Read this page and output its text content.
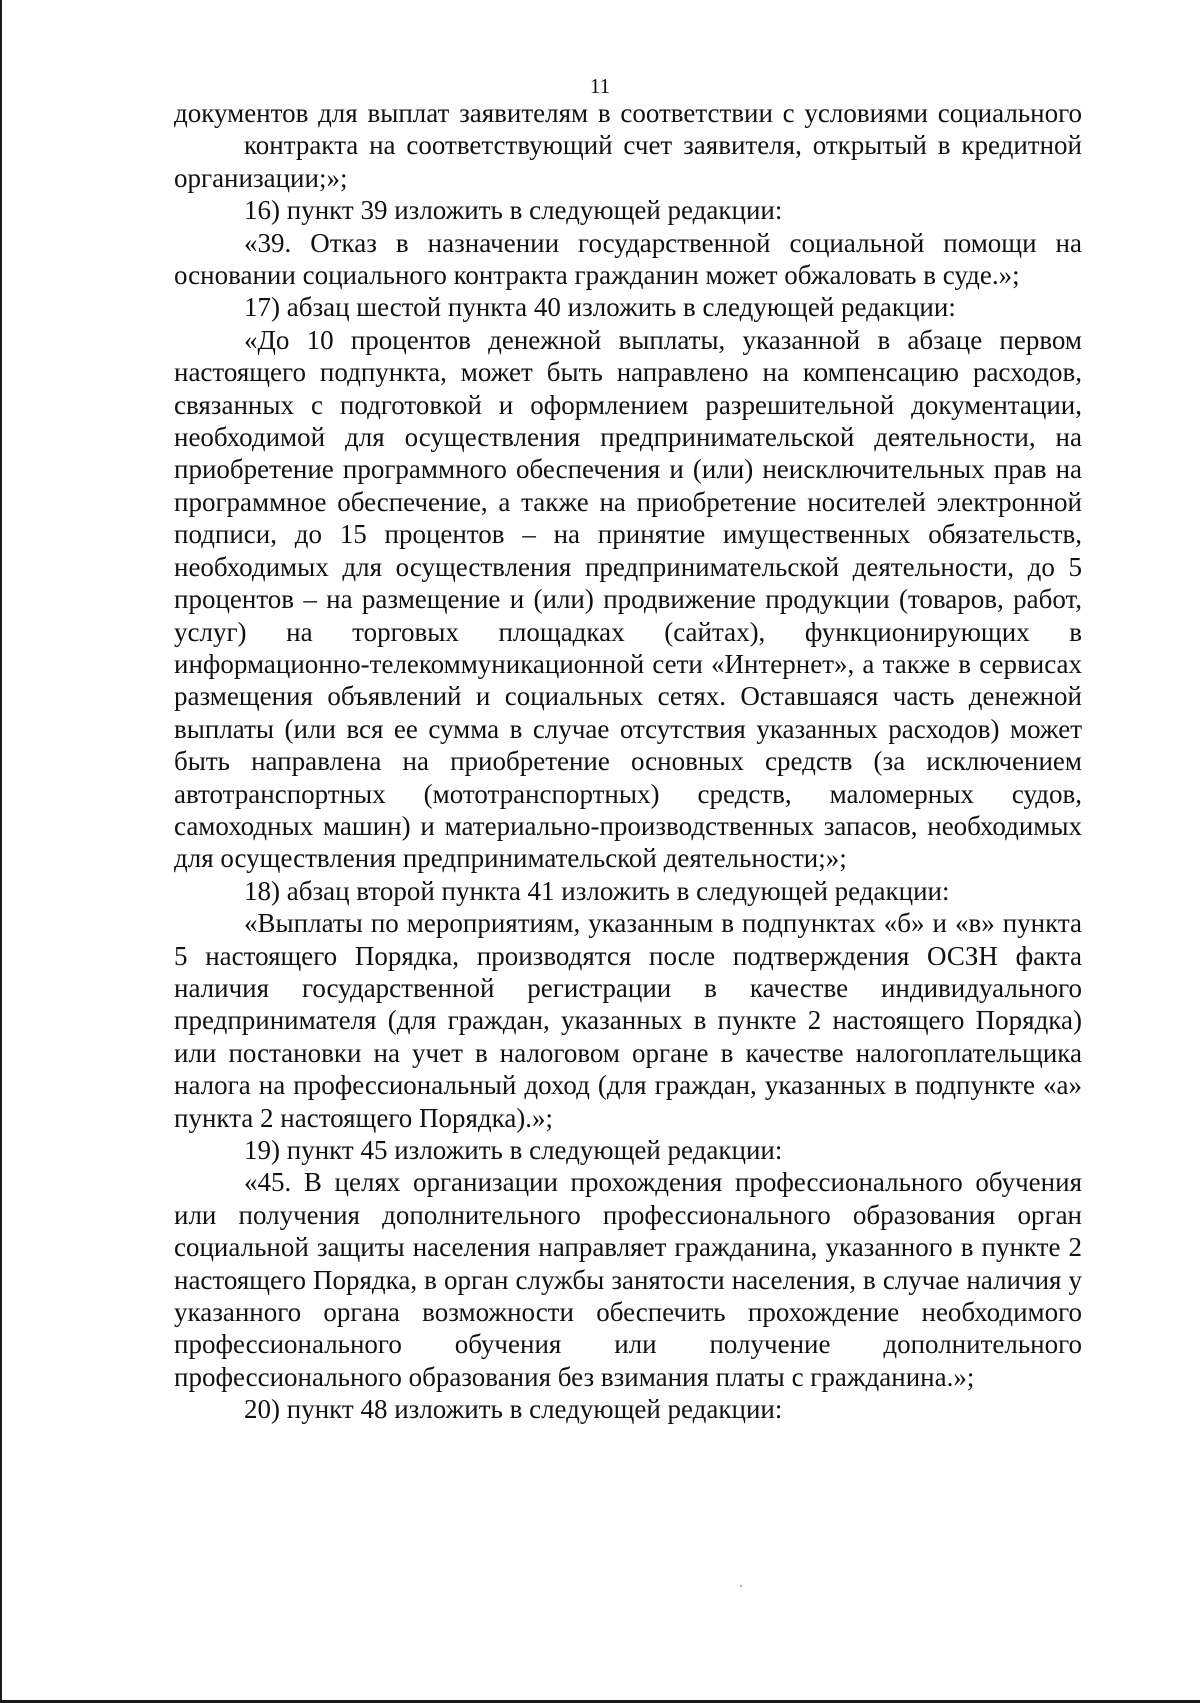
11

документов для выплат заявителям в соответствии с условиями социального

контракта на соответствующий счет заявителя, открытый в кредитной организации;»;

16) пункт 39 изложить в следующей редакции:

«39. Отказ в назначении государственной социальной помощи на основании социального контракта гражданин может обжаловать в суде.»;

17) абзац шестой пункта 40 изложить в следующей редакции:

«До 10 процентов денежной выплаты, указанной в абзаце первом настоящего подпункта, может быть направлено на компенсацию расходов, связанных с подготовкой и оформлением разрешительной документации, необходимой для осуществления предпринимательской деятельности, на приобретение программного обеспечения и (или) неисключительных прав на программное обеспечение, а также на приобретение носителей электронной подписи, до 15 процентов – на принятие имущественных обязательств, необходимых для осуществления предпринимательской деятельности, до 5 процентов – на размещение и (или) продвижение продукции (товаров, работ, услуг) на торговых площадках (сайтах), функционирующих в информационно-телекоммуникационной сети «Интернет», а также в сервисах размещения объявлений и социальных сетях. Оставшаяся часть денежной выплаты (или вся ее сумма в случае отсутствия указанных расходов) может быть направлена на приобретение основных средств (за исключением автотранспортных (мототранспортных) средств, маломерных судов, самоходных машин) и материально-производственных запасов, необходимых для осуществления предпринимательской деятельности;»;

18) абзац второй пункта 41 изложить в следующей редакции:

«Выплаты по мероприятиям, указанным в подпунктах «б» и «в» пункта 5 настоящего Порядка, производятся после подтверждения ОСЗН факта наличия государственной регистрации в качестве индивидуального предпринимателя (для граждан, указанных в пункте 2 настоящего Порядка) или постановки на учет в налоговом органе в качестве налогоплательщика налога на профессиональный доход (для граждан, указанных в подпункте «а» пункта 2 настоящего Порядка).»;

19) пункт 45 изложить в следующей редакции:

«45. В целях организации прохождения профессионального обучения или получения дополнительного профессионального образования орган социальной защиты населения направляет гражданина, указанного в пункте 2 настоящего Порядка, в орган службы занятости населения, в случае наличия у указанного органа возможности обеспечить прохождение необходимого профессионального обучения или получение дополнительного профессионального образования без взимания платы с гражданина.»;

20) пункт 48 изложить в следующей редакции:
